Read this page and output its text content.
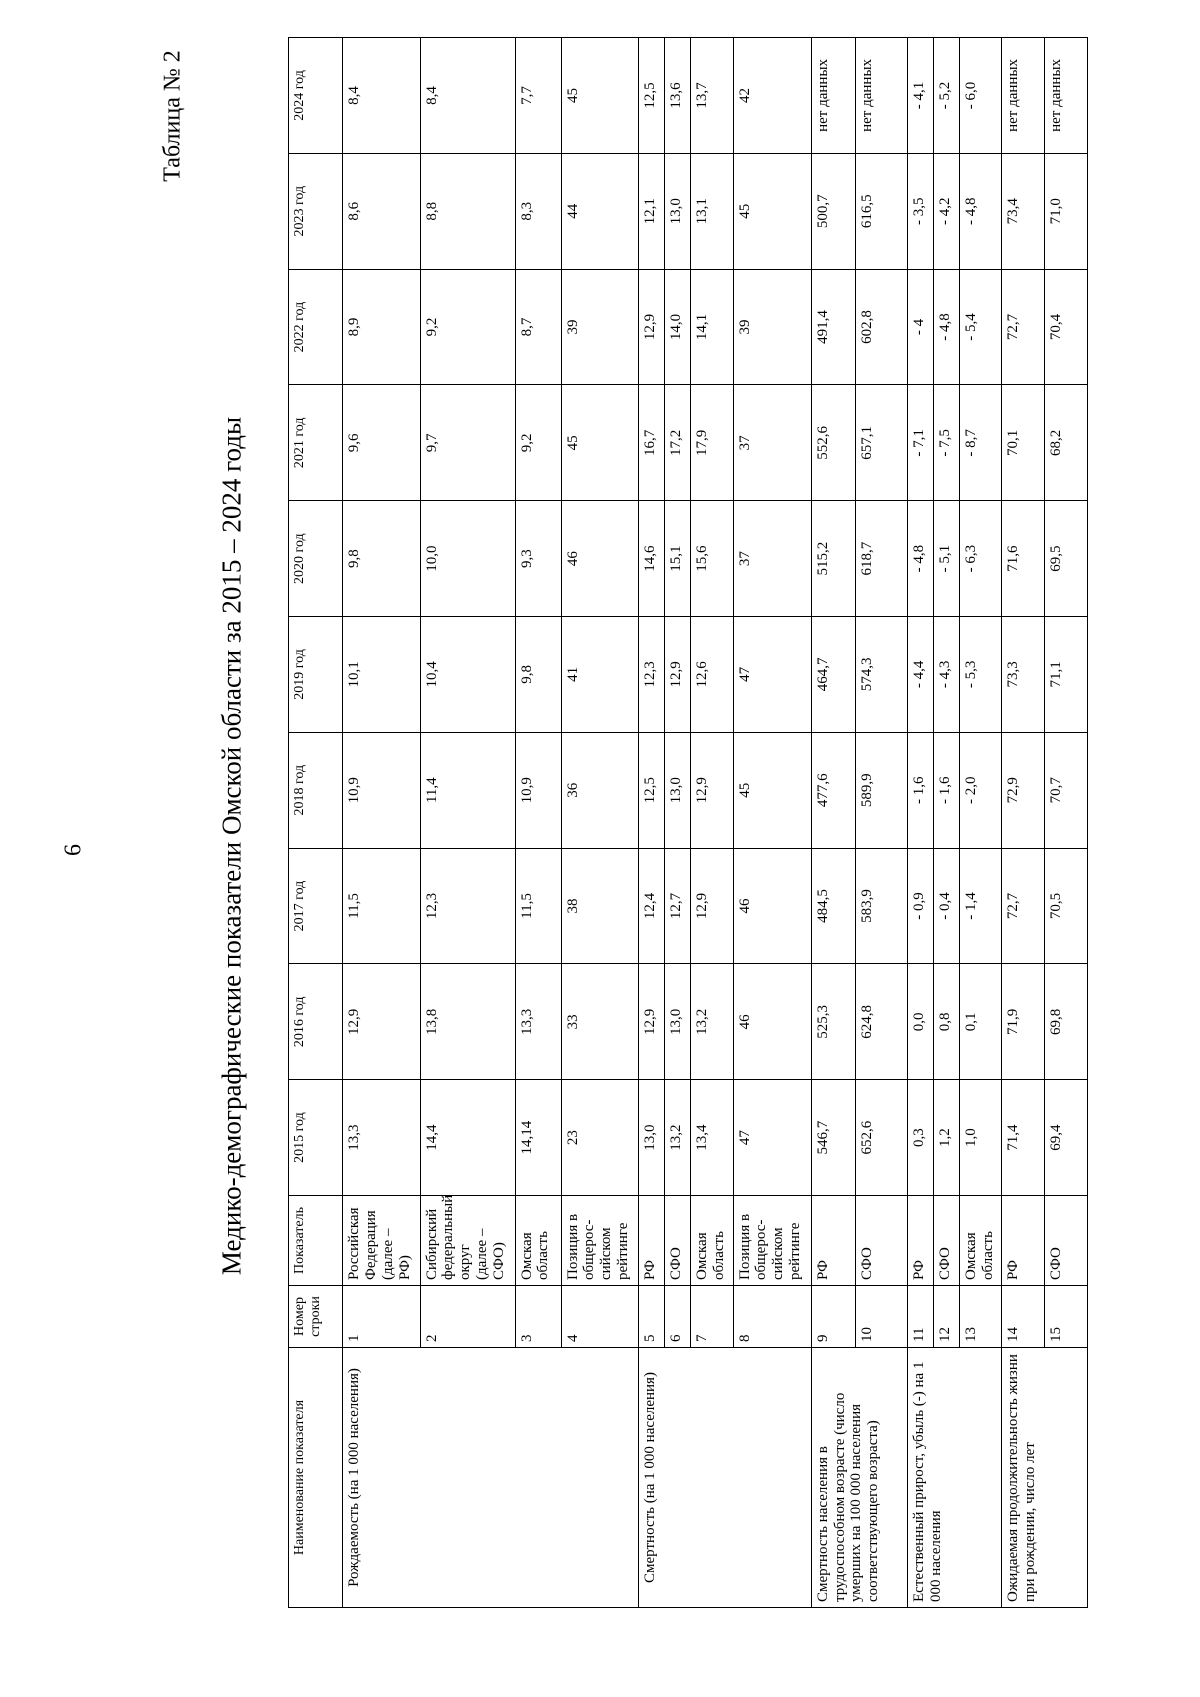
6
Таблица № 2
Медико-демографические показатели Омской области за 2015 – 2024 годы
Наименование показателя	Номер строки	Показатель	2015 год	2016 год	2017 год	2018 год	2019 год	2020 год	2021 год	2022 год	2023 год	2024 год
Рождаемость (на 1 000 населения)	1	Российская Федерация (далее – РФ)	13,3	12,9	11,5	10,9	10,1	9,8	9,6	8,9	8,6	8,4
	2	Сибирский федеральный округ (далее – СФО)	14,4	13,8	12,3	11,4	10,4	10,0	9,7	9,2	8,8	8,4
	3	Омская область	14,14	13,3	11,5	10,9	9,8	9,3	9,2	8,7	8,3	7,7
	4	Позиция в общерос-сийском рейтинге	23	33	38	36	41	46	45	39	44	45
Смертность (на 1 000 населения)	5	РФ	13,0	12,9	12,4	12,5	12,3	14,6	16,7	12,9	12,1	12,5
	6	СФО	13,2	13,0	12,7	13,0	12,9	15,1	17,2	14,0	13,0	13,6
	7	Омская область	13,4	13,2	12,9	12,9	12,6	15,6	17,9	14,1	13,1	13,7
	8	Позиция в общерос-сийском рейтинге	47	46	46	45	47	37	37	39	45	42
Смертность населения в трудоспособном возрасте (число умерших на 100 000 населения соответствующего возраста)	9	РФ	546,7	525,3	484,5	477,6	464,7	515,2	552,6	491,4	500,7	нет данных
	10	СФО	652,6	624,8	583,9	589,9	574,3	618,7	657,1	602,8	616,5	нет данных
Естественный прирост, убыль (-) на 1 000 населения	11	РФ	0,3	0,0	- 0,9	- 1,6	- 4,4	- 4,8	- 7,1	- 4	- 3,5	- 4,1
	12	СФО	1,2	0,8	- 0,4	- 1,6	- 4,3	- 5,1	- 7,5	- 4,8	- 4,2	- 5,2
	13	Омская область	1,0	0,1	- 1,4	- 2,0	- 5,3	- 6,3	- 8,7	- 5,4	- 4,8	- 6,0
Ожидаемая продолжительность жизни при рождении, число лет	14	РФ	71,4	71,9	72,7	72,9	73,3	71,6	70,1	72,7	73,4	нет данных
	15	СФО	69,4	69,8	70,5	70,7	71,1	69,5	68,2	70,4	71,0	нет данных
